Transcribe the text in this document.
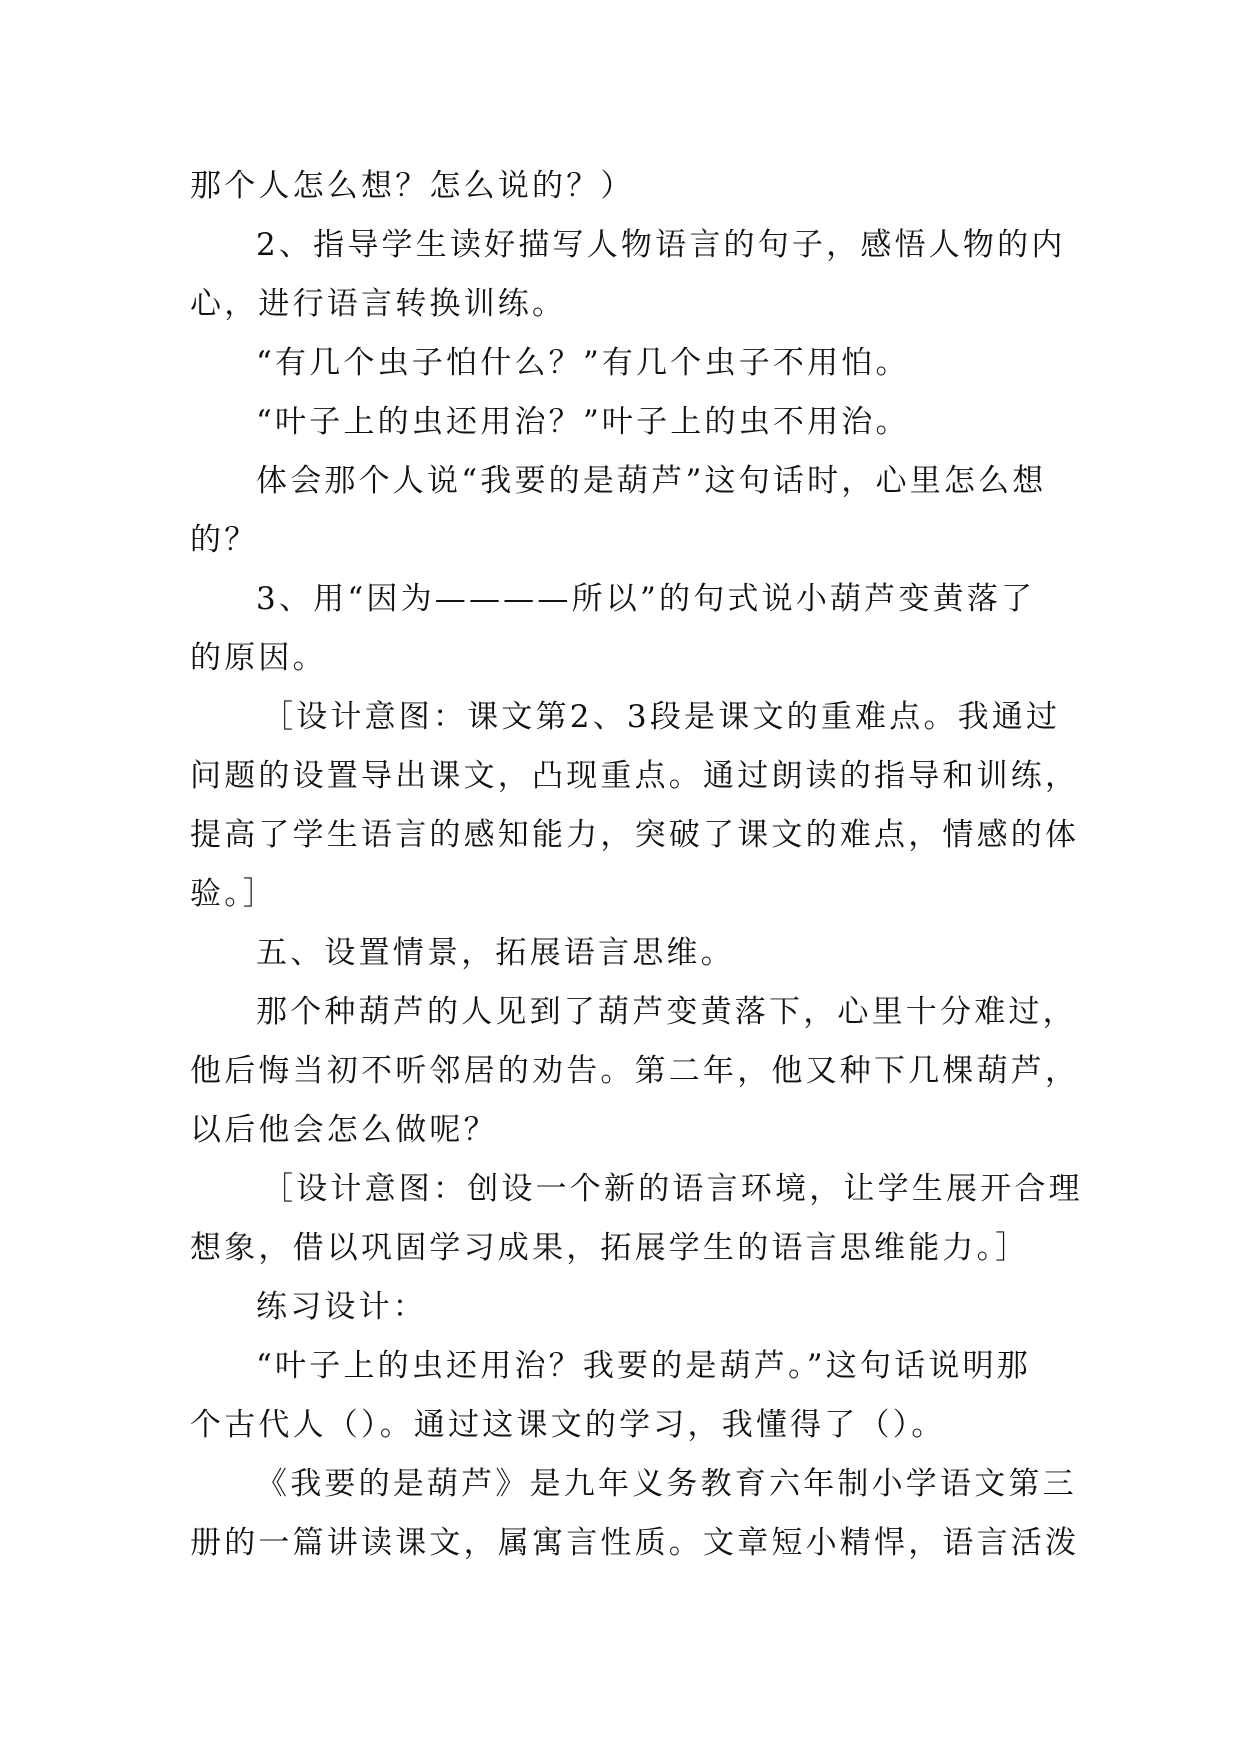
那个人怎么想？怎么说的？）
2、指导学生读好描写人物语言的句子，感悟人物的内
心，进行语言转换训练。
“有几个虫子怕什么？”有几个虫子不用怕。
“叶子上的虫还用治？”叶子上的虫不用治。
体会那个人说“我要的是葫芦”这句话时，心里怎么想
的？
3、用“因为————所以”的句式说小葫芦变黄落了
的原因。
［设计意图：课文第2、3段是课文的重难点。我通过
问题的设置导出课文，凸现重点。通过朗读的指导和训练，
提高了学生语言的感知能力，突破了课文的难点，情感的体
验。］
五、设置情景，拓展语言思维。
那个种葫芦的人见到了葫芦变黄落下，心里十分难过，
他后悔当初不听邻居的劝告。第二年，他又种下几棵葫芦，
以后他会怎么做呢？
［设计意图：创设一个新的语言环境，让学生展开合理
想象，借以巩固学习成果，拓展学生的语言思维能力。］
练习设计：
“叶子上的虫还用治？我要的是葫芦。”这句话说明那
个古代人（）。通过这课文的学习，我懂得了（）。
《我要的是葫芦》是九年义务教育六年制小学语文第三
册的一篇讲读课文，属寓言性质。文章短小精悍，语言活泼
